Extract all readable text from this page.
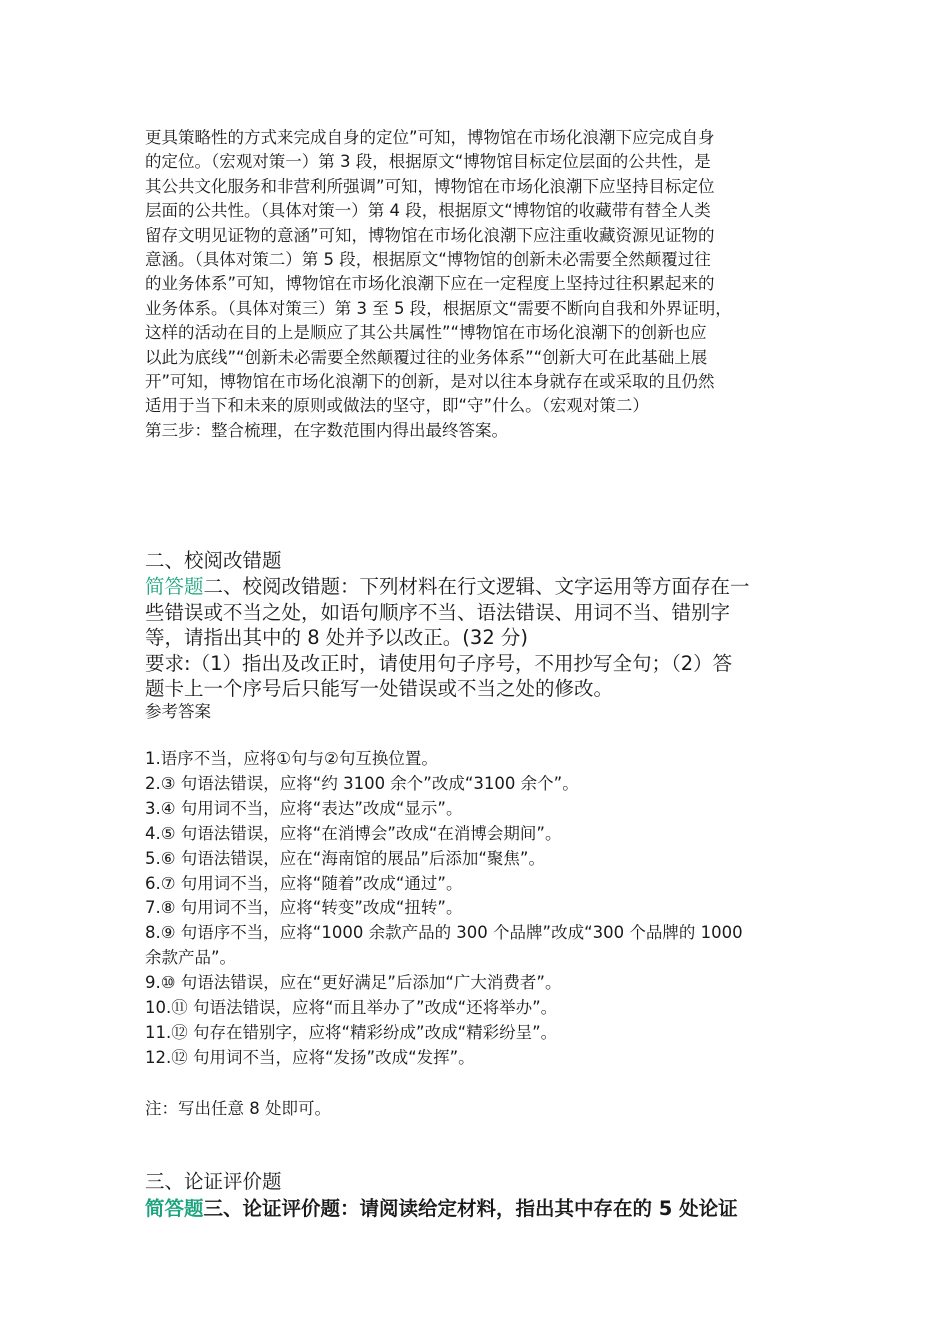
更具策略性的方式来完成自身的定位”可知，博物馆在市场化浪潮下应完成自身
的定位。（宏观对策一）第 3 段，根据原文“博物馆目标定位层面的公共性，是
其公共文化服务和非营利所强调”可知，博物馆在市场化浪潮下应坚持目标定位
层面的公共性。（具体对策一）第 4 段，根据原文“博物馆的收藏带有替全人类
留存文明见证物的意涵”可知，博物馆在市场化浪潮下应注重收藏资源见证物的
意涵。（具体对策二）第 5 段，根据原文“博物馆的创新未必需要全然颠覆过往
的业务体系”可知，博物馆在市场化浪潮下应在一定程度上坚持过往积累起来的
业务体系。（具体对策三）第 3 至 5 段，根据原文“需要不断向自我和外界证明，
这样的活动在目的上是顺应了其公共属性”“博物馆在市场化浪潮下的创新也应
以此为底线”“创新未必需要全然颠覆过往的业务体系”“创新大可在此基础上展
开”可知，博物馆在市场化浪潮下的创新，是对以往本身就存在或采取的且仍然
适用于当下和未来的原则或做法的坚守，即“守”什么。（宏观对策二）
第三步：整合梳理，在字数范围内得出最终答案。
二、校阅改错题
简答题二、校阅改错题：下列材料在行文逻辑、文字运用等方面存在一
些错误或不当之处，如语句顺序不当、语法错误、用词不当、错别字
等，请指出其中的 8 处并予以改正。(32 分)
要求:（1）指出及改正时，请使用句子序号，不用抄写全句；（2）答
题卡上一个序号后只能写一处错误或不当之处的修改。
参考答案
1.语序不当，应将①句与②句互换位置。
2.③ 句语法错误，应将“约 3100 余个”改成“3100 余个”。
3.④ 句用词不当，应将“表达”改成“显示”。
4.⑤ 句语法错误，应将“在消博会”改成“在消博会期间”。
5.⑥ 句语法错误，应在“海南馆的展品”后添加“聚焦”。
6.⑦ 句用词不当，应将“随着”改成“通过”。
7.⑧ 句用词不当，应将“转变”改成“扭转”。
8.⑨ 句语序不当，应将“1000 余款产品的 300 个品牌”改成“300 个品牌的 1000
余款产品”。
9.⑩ 句语法错误，应在“更好满足”后添加“广大消费者”。
10.⑪ 句语法错误，应将“而且举办了”改成“还将举办”。
11.⑫ 句存在错别字，应将“精彩纷成”改成“精彩纷呈”。
12.⑫ 句用词不当，应将“发扬”改成“发挥”。
注：写出任意 8 处即可。
三、论证评价题
简答题三、论证评价题：请阅读给定材料，指出其中存在的 5 处论证
